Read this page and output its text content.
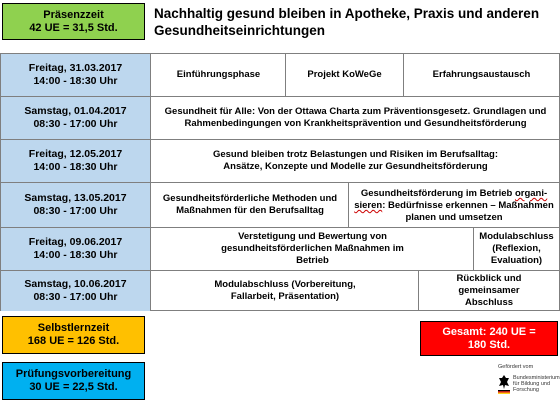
Präsenzzeit
42 UE = 31,5 Std.
Nachhaltig gesund bleiben in Apotheke, Praxis und anderen Gesundheitseinrichtungen
Freitag, 31.03.2017
14:00 - 18:30 Uhr
Einführungsphase	Projekt KoWeGe	Erfahrungsaustausch
Samstag, 01.04.2017
08:30 - 17:00 Uhr
Gesundheit für Alle: Von der Ottawa Charta zum Präventionsgesetz. Grundlagen und Rahmenbedingungen von Krankheitsprävention und Gesundheitsförderung
Freitag, 12.05.2017
14:00 - 18:30 Uhr
Gesund bleiben trotz Belastungen und Risiken im Berufsalltag: Ansätze, Konzepte und Modelle zur Gesundheitsförderung
Samstag, 13.05.2017
08:30 - 17:00 Uhr
Gesundheitsförderliche Methoden und Maßnahmen für den Berufsalltag
Gesundheitsförderung im Betrieb organi-
sieren: Bedürfnisse erkennen – Maßnahmen planen und umsetzen
Freitag, 09.06.2017
14:00 - 18:30 Uhr
Verstetigung und Bewertung von gesundheitsförderlichen Maßnahmen im Betrieb
Modulabschluss (Reflexion, Evaluation)
Samstag, 10.06.2017
08:30 - 17:00 Uhr
Modulabschluss (Vorbereitung, Fallarbeit, Präsentation)
Rückblick und gemeinsamer Abschluss
Selbstlernzeit
168 UE = 126 Std.
Prüfungsvorbereitung
30 UE = 22,5 Std.
Gesamt: 240 UE =
180 Std.
Gefördert vom
Bundesministerium für Bildung und Forschung
